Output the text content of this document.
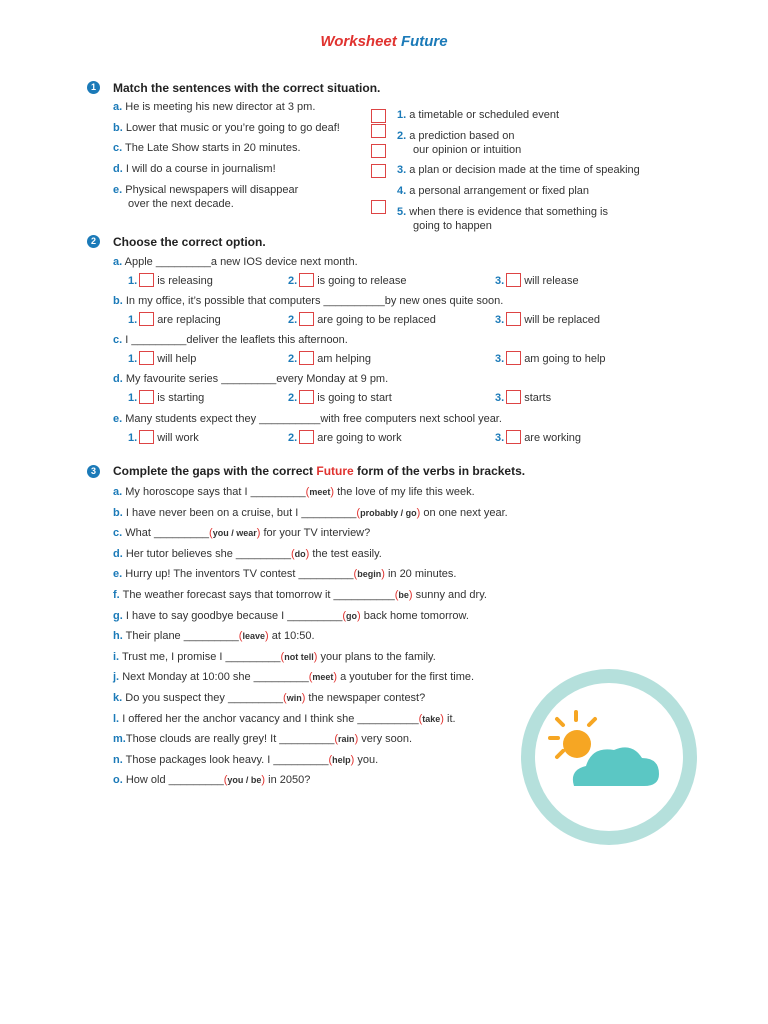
Worksheet Future
1	Match the sentences with the correct situation.
a. He is meeting his new director at 3 pm.
b. Lower that music or you’re going to go deaf!
c. The Late Show starts in 20 minutes.
d. I will do a course in journalism!
e. Physical newspapers will disappear
over the next decade.
1. a timetable or scheduled event
2. a prediction based on
our opinion or intuition
3. a plan or decision made at the time of speaking
4. a personal arrangement or fixed plan
5. when there is evidence that something is
going to happen
2	Choose the correct option.
a. Apple _________a new IOS device next month.
1. is releasing	2. is going to release	3. will release
b. In my office, it’s possible that computers __________by new ones quite soon.
1. are replacing	2. are going to be replaced	3. will be replaced
c. I _________deliver the leaflets this afternoon.
1. will help	2. am helping	3. am going to help
d. My favourite series _________every Monday at 9 pm.
1. is starting	2. is going to start	3. starts
e. Many students expect they __________with free computers next school year.
1. will work	2. are going to work	3. are working
3	Complete the gaps with the correct Future form of the verbs in brackets.
a. My horoscope says that I _________(meet) the love of my life this week.
b. I have never been on a cruise, but I _________(probably / go) on one next year.
c. What _________(you / wear) for your TV interview?
d. Her tutor believes she _________(do) the test easily.
e. Hurry up! The inventors TV contest _________(begin) in 20 minutes.
f. The weather forecast says that tomorrow it __________(be) sunny and dry.
g. I have to say goodbye because I _________(go) back home tomorrow.
h. Their plane _________(leave) at 10:50.
i. Trust me, I promise I _________(not tell) your plans to the family.
j. Next Monday at 10:00 she _________(meet) a youtuber for the first time.
k. Do you suspect they _________(win) the newspaper contest?
l. I offered her the anchor vacancy and I think she __________(take) it.
m.Those clouds are really grey! It _________(rain) very soon.
n. Those packages look heavy. I _________(help) you.
o. How old _________(you / be) in 2050?
